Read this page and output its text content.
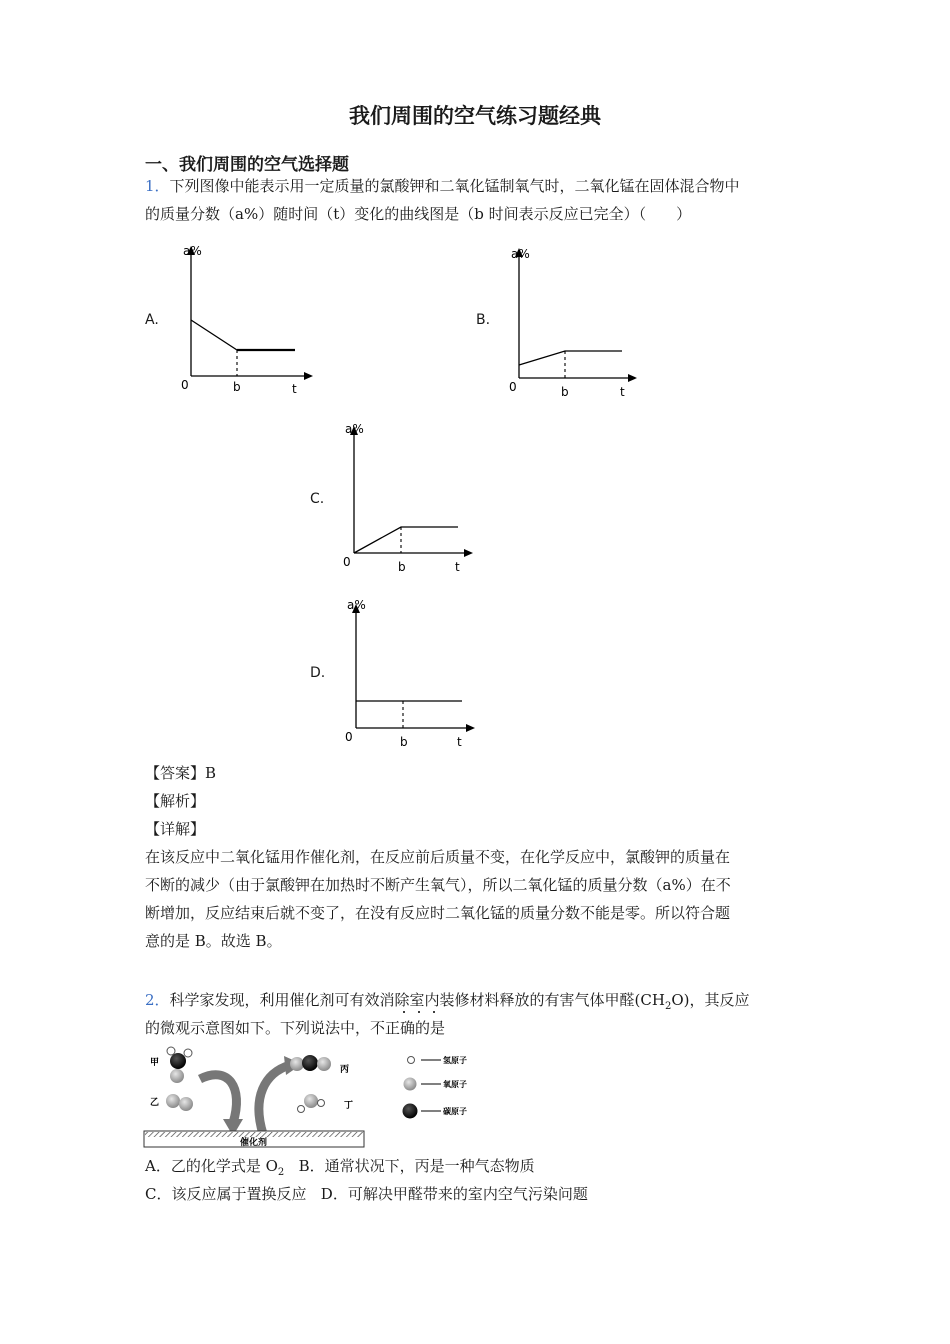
我们周围的空气练习题经典
一、我们周围的空气选择题
1．下列图像中能表示用一定质量的氯酸钾和二氧化锰制氧气时，二氧化锰在固体混合物中
的质量分数（a%）随时间（t）变化的曲线图是（b 时间表示反应已完全）（　　）
A.	B.
C.
D.
a%
0	b	t
a%
0	b	t
a%
0	b	t
a%
0	b	t
【答案】B
【解析】
【详解】
在该反应中二氧化锰用作催化剂，在反应前后质量不变，在化学反应中，氯酸钾的质量在
不断的减少（由于氯酸钾在加热时不断产生氧气），所以二氧化锰的质量分数（a%）在不
断增加，反应结束后就不变了，在没有反应时二氧化锰的质量分数不能是零。所以符合题
意的是 B。故选 B。
2．科学家发现，利用催化剂可有效消除室内装修材料释放的有害气体甲醛$(CH_2O)$，其反应
的微观示意图如下。下列说法中，不正确的是
甲
乙
丙
丁
催化剂
氢原子
氧原子
碳原子
A．乙的化学式是 $O_2$ B．通常状况下，丙是一种气态物质
C．该反应属于置换反应 D．可解决甲醛带来的室内空气污染问题
